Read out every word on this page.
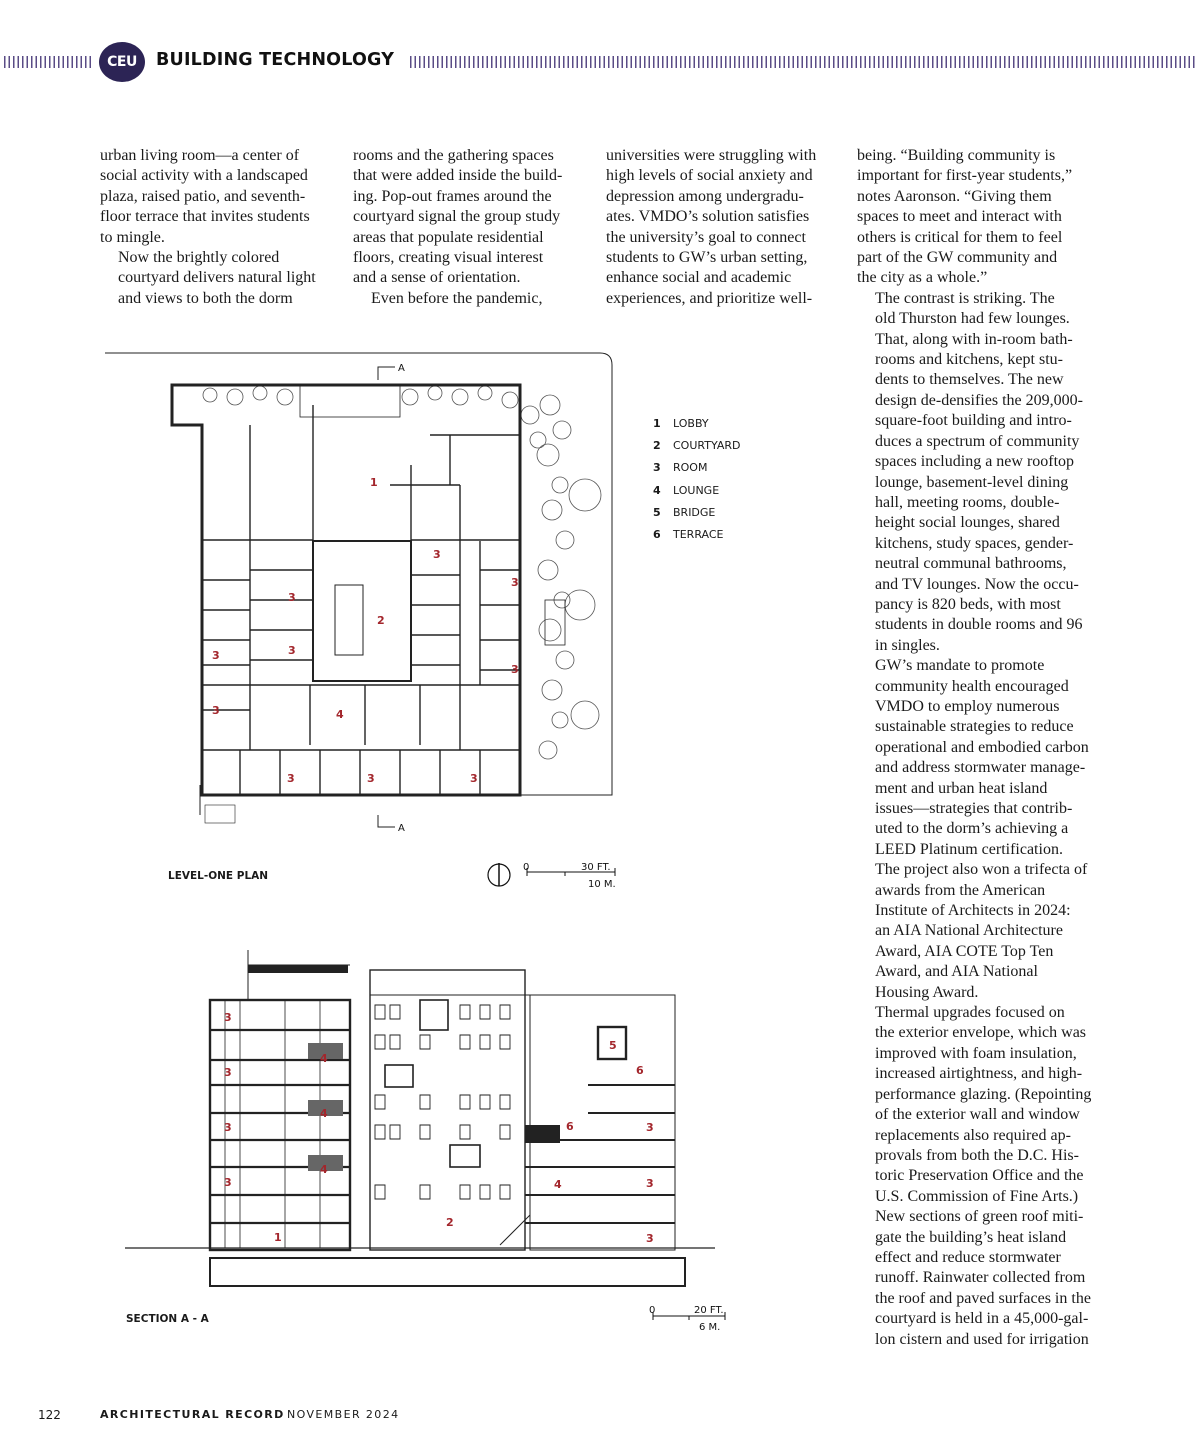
CEU	BUILDING TECHNOLOGY

urban living room—a center of
social activity with a landscaped
plaza, raised patio, and seventh-
floor terrace that invites students
to mingle.

Now the brightly colored
courtyard delivers natural light
and views to both the dorm

rooms and the gathering spaces
that were added inside the build-
ing. Pop-out frames around the
courtyard signal the group study
areas that populate residential
floors, creating visual interest
and a sense of orientation.

Even before the pandemic,

universities were struggling with
high levels of social anxiety and
depression among undergradu-
ates. VMDO’s solution satisfies
the university’s goal to connect
students to GW’s urban setting,
enhance social and academic
experiences, and prioritize well-

being. “Building community is
important for first-year students,”
notes Aaronson. “Giving them
spaces to meet and interact with
others is critical for them to feel
part of the GW community and
the city as a whole.”

The contrast is striking. The
old Thurston had few lounges.
That, along with in-room bath-
rooms and kitchens, kept stu-
dents to themselves. The new
design de-densifies the 209,000-
square-foot building and intro-
duces a spectrum of community
spaces including a new rooftop
lounge, basement-level dining
hall, meeting rooms, double-
height social lounges, shared
kitchens, study spaces, gender-
neutral communal bathrooms,
and TV lounges. Now the occu-
pancy is 820 beds, with most
students in double rooms and 96
in singles.

GW’s mandate to promote
community health encouraged
VMDO to employ numerous
sustainable strategies to reduce
operational and embodied carbon
and address stormwater manage-
ment and urban heat island
issues—strategies that contrib-
uted to the dorm’s achieving a
LEED Platinum certification.
The project also won a trifecta of
awards from the American
Institute of Architects in 2024:
an AIA National Architecture
Award, AIA COTE Top Ten
Award, and AIA National
Housing Award.

Thermal upgrades focused on
the exterior envelope, which was
improved with foam insulation,
increased airtightness, and high-
performance glazing. (Repointing
of the exterior wall and window
replacements also required ap-
provals from both the D.C. His-
toric Preservation Office and the
U.S. Commission of Fine Arts.)
New sections of green roof miti-
gate the building’s heat island
effect and reduce stormwater
runoff. Rainwater collected from
the roof and paved surfaces in the
courtyard is held in a 45,000-gal-
lon cistern and used for irrigation

A
A
1
2
3
3
3
3
3
3
3
3	3	3
4
1 LOBBY
2 COURTYARD
3 ROOM
4 LOUNGE
5 BRIDGE
6 TERRACE
LEVEL-ONE PLAN
0	30 FT.
10 M.
3
3
3
3
1
4
4
4
2
5
6
6	3
4	3
3
SECTION A - A
0	20 FT.
6 M.
122	ARCHITECTURAL RECORD NOVEMBER 2024
